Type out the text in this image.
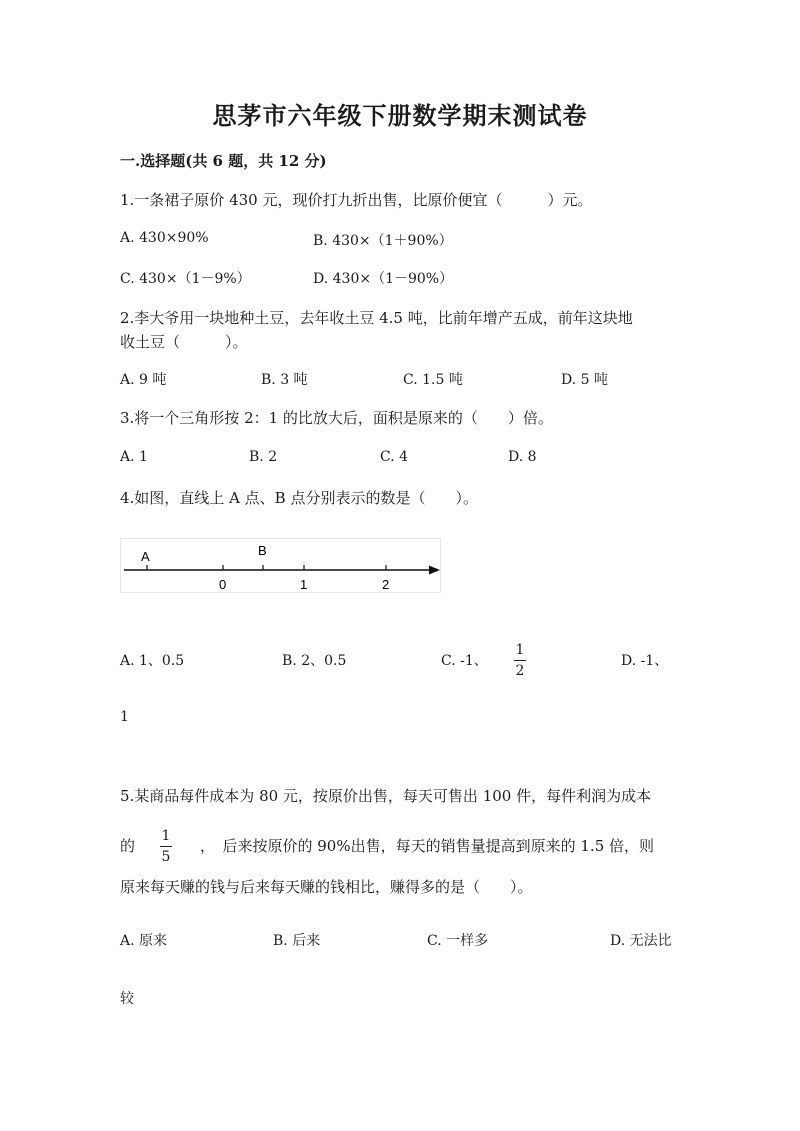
思茅市六年级下册数学期末测试卷
一.选择题(共 6 题，共 12 分)
1.一条裙子原价 430 元，现价打九折出售，比原价便宜（　　　）元。
A. 430×90%	B. 430×（1＋90%）
C. 430×（1－9%）	D. 430×（1－90%）
2.李大爷用一块地种土豆，去年收土豆 4.5 吨，比前年增产五成，前年这块地
收土豆（　　　）。
A. 9 吨	B. 3 吨	C. 1.5 吨	D. 5 吨
3.将一个三角形按 2：1 的比放大后，面积是原来的（　　）倍。
A. 1	B. 2	C. 4	D. 8
4.如图，直线上 A 点、B 点分别表示的数是（　　）。
A	B
0	1	2
A. 1、0.5	B. 2、0.5	C. -1、
1
2
D. -1、
1
5.某商品每件成本为 80 元，按原价出售，每天可售出 100 件，每件利润为成本
的
1
5
，　后来按原价的 90%出售，每天的销售量提高到原来的 1.5 倍，则
原来每天赚的钱与后来每天赚的钱相比，赚得多的是（　　）。
A. 原来	B. 后来	C. 一样多	D. 无法比
较
